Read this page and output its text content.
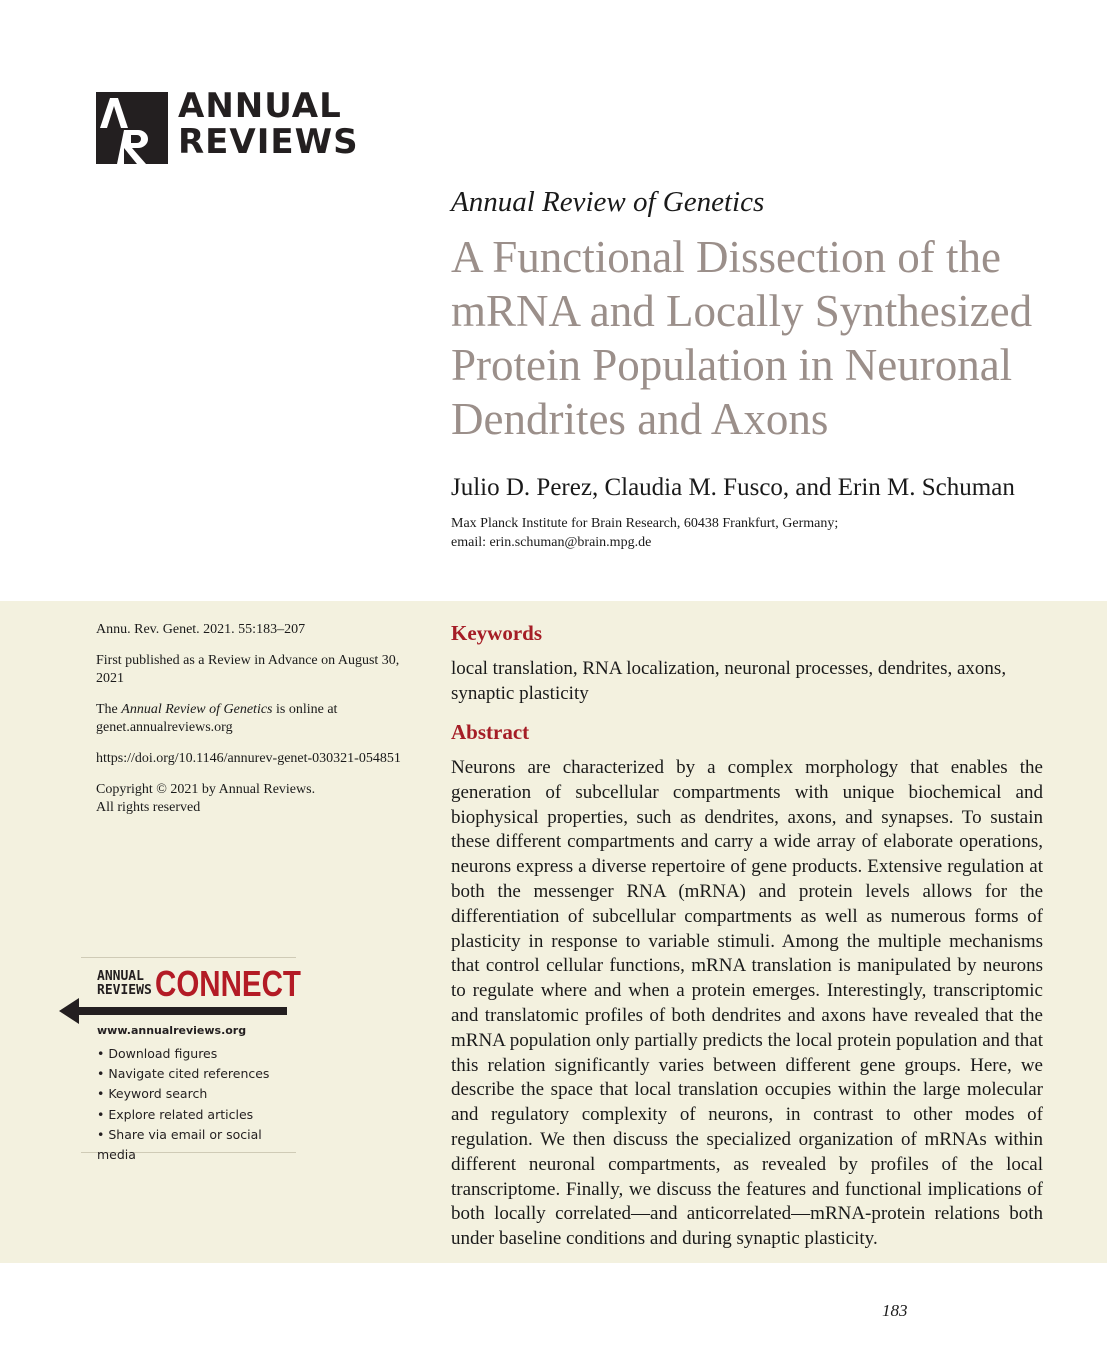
ANNUAL
REVIEWS
Annual Review of Genetics
A Functional Dissection of the mRNA and Locally Synthesized Protein Population in Neuronal Dendrites and Axons
Julio D. Perez, Claudia M. Fusco, and Erin M. Schuman
Max Planck Institute for Brain Research, 60438 Frankfurt, Germany;
email: erin.schuman@brain.mpg.de

Annu. Rev. Genet. 2021. 55:183–207

First published as a Review in Advance on August 30, 2021

The Annual Review of Genetics is online at genet.annualreviews.org

https://doi.org/10.1146/annurev-genet-030321-054851

Copyright © 2021 by Annual Reviews.
All rights reserved

ANNUAL
REVIEWS CONNECT
www.annualreviews.org
• Download figures
• Navigate cited references
• Keyword search
• Explore related articles
• Share via email or social media
Keywords
local translation, RNA localization, neuronal processes, dendrites, axons, synaptic plasticity
Abstract

Neurons are characterized by a complex morphology that enables the generation of subcellular compartments with unique biochemical and biophysical properties, such as dendrites, axons, and synapses. To sustain these different compartments and carry a wide array of elaborate operations, neurons express a diverse repertoire of gene products. Extensive regulation at both the messenger RNA (mRNA) and protein levels allows for the differentiation of subcellular compartments as well as numerous forms of plasticity in response to variable stimuli. Among the multiple mechanisms that control cellular functions, mRNA translation is manipulated by neurons to regulate where and when a protein emerges. Interestingly, transcriptomic and translatomic profiles of both dendrites and axons have revealed that the mRNA population only partially predicts the local protein population and that this relation significantly varies between different gene groups. Here, we describe the space that local translation occupies within the large molecular and regulatory complexity of neurons, in contrast to other modes of regulation. We then discuss the specialized organization of mRNAs within different neuronal compartments, as revealed by profiles of the local transcriptome. Finally, we discuss the features and functional implications of both locally correlated—and anticorrelated—mRNA-protein relations both under baseline conditions and during synaptic plasticity.

183
